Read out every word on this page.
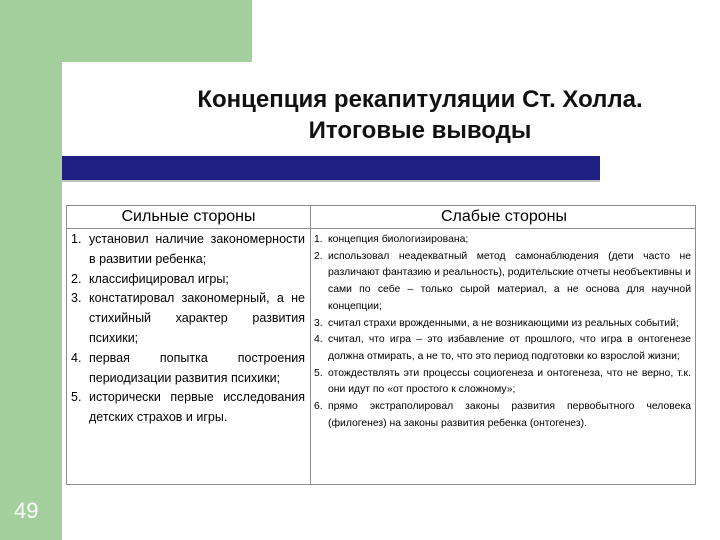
Концепция рекапитуляции Ст. Холла.
Итоговые выводы
Сильные стороны	Слабые стороны
1. установил наличие закономерности в развитии ребенка;
2. классифицировал игры;
3. констатировал закономерный, а не стихийный характер развития психики;
4. первая попытка построения периодизации развития психики;
5. исторически первые исследования детских страхов и игры.
1. концепция биологизирована;
2. использовал неадекватный метод самонаблюдения (дети часто не различают фантазию и реальность), родительские отчеты необъективны и сами по себе – только сырой материал, а не основа для научной концепции;
3. считал страхи врожденными, а не возникающими из реальных событий;
4. считал, что игра – это избавление от прошлого, что игра в онтогенезе должна отмирать, а не то, что это период подготовки ко взрослой жизни;
5. отождествлять эти процессы социогенеза и онтогенеза, что не верно, т.к. они идут по «от простого к сложному»;
6. прямо экстраполировал законы развития первобытного человека (филогенез) на законы развития ребенка (онтогенез).
49
